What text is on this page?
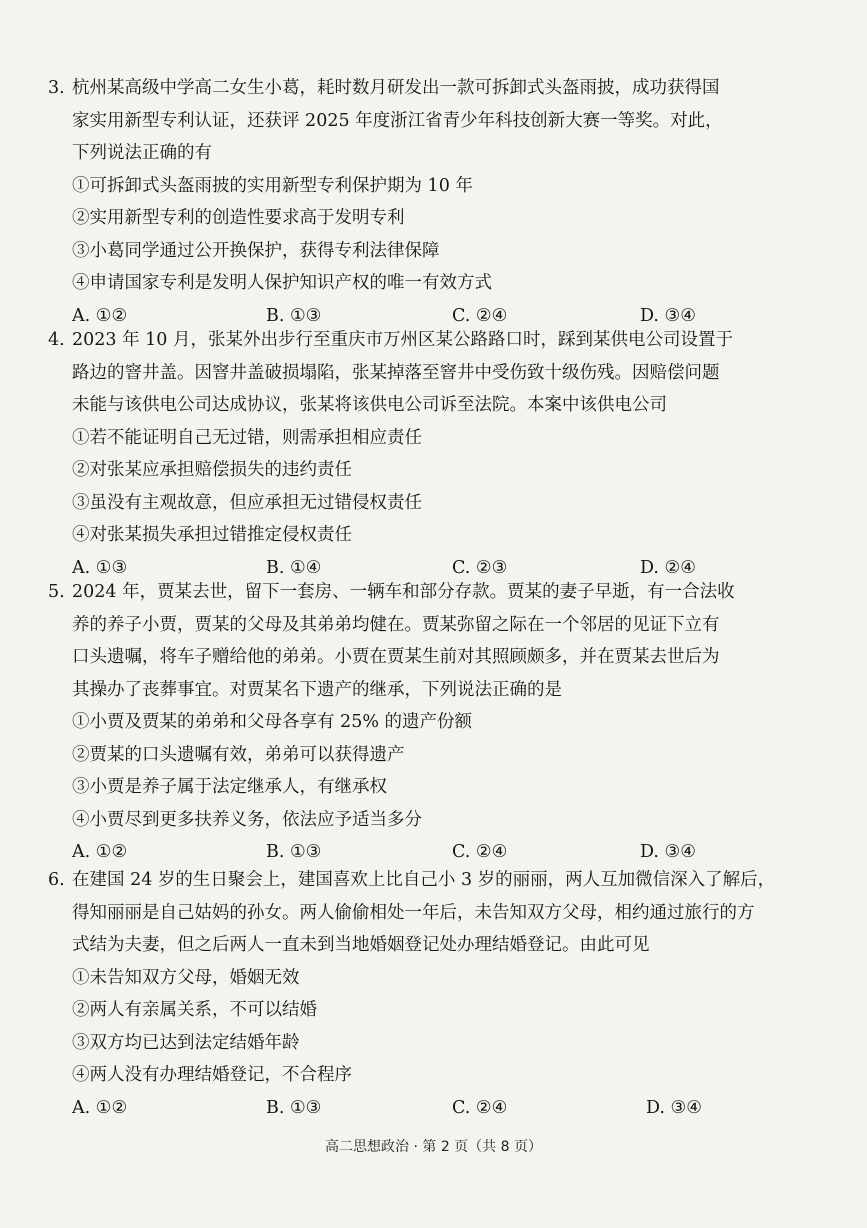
3. 杭州某高级中学高二女生小葛，耗时数月研发出一款可拆卸式头盔雨披，成功获得国
家实用新型专利认证，还获评 2025 年度浙江省青少年科技创新大赛一等奖。对此，
下列说法正确的有
①可拆卸式头盔雨披的实用新型专利保护期为 10 年
②实用新型专利的创造性要求高于发明专利
③小葛同学通过公开换保护，获得专利法律保障
④申请国家专利是发明人保护知识产权的唯一有效方式
A. ①②	B. ①③	C. ②④	D. ③④
4. 2023 年 10 月，张某外出步行至重庆市万州区某公路路口时，踩到某供电公司设置于
路边的窨井盖。因窨井盖破损塌陷，张某掉落至窨井中受伤致十级伤残。因赔偿问题
未能与该供电公司达成协议，张某将该供电公司诉至法院。本案中该供电公司
①若不能证明自己无过错，则需承担相应责任
②对张某应承担赔偿损失的违约责任
③虽没有主观故意，但应承担无过错侵权责任
④对张某损失承担过错推定侵权责任
A. ①③	B. ①④	C. ②③	D. ②④
5. 2024 年，贾某去世，留下一套房、一辆车和部分存款。贾某的妻子早逝，有一合法收
养的养子小贾，贾某的父母及其弟弟均健在。贾某弥留之际在一个邻居的见证下立有
口头遗嘱，将车子赠给他的弟弟。小贾在贾某生前对其照顾颇多，并在贾某去世后为
其操办了丧葬事宜。对贾某名下遗产的继承，下列说法正确的是
①小贾及贾某的弟弟和父母各享有 25% 的遗产份额
②贾某的口头遗嘱有效，弟弟可以获得遗产
③小贾是养子属于法定继承人，有继承权
④小贾尽到更多扶养义务，依法应予适当多分
A. ①②	B. ①③	C. ②④	D. ③④
6. 在建国 24 岁的生日聚会上，建国喜欢上比自己小 3 岁的丽丽，两人互加微信深入了解后，
得知丽丽是自己姑妈的孙女。两人偷偷相处一年后，未告知双方父母，相约通过旅行的方
式结为夫妻，但之后两人一直未到当地婚姻登记处办理结婚登记。由此可见
①未告知双方父母，婚姻无效
②两人有亲属关系，不可以结婚
③双方均已达到法定结婚年龄
④两人没有办理结婚登记，不合程序
A. ①②	B. ①③	C. ②④	D. ③④
高二思想政治 · 第 2 页（共 8 页）
